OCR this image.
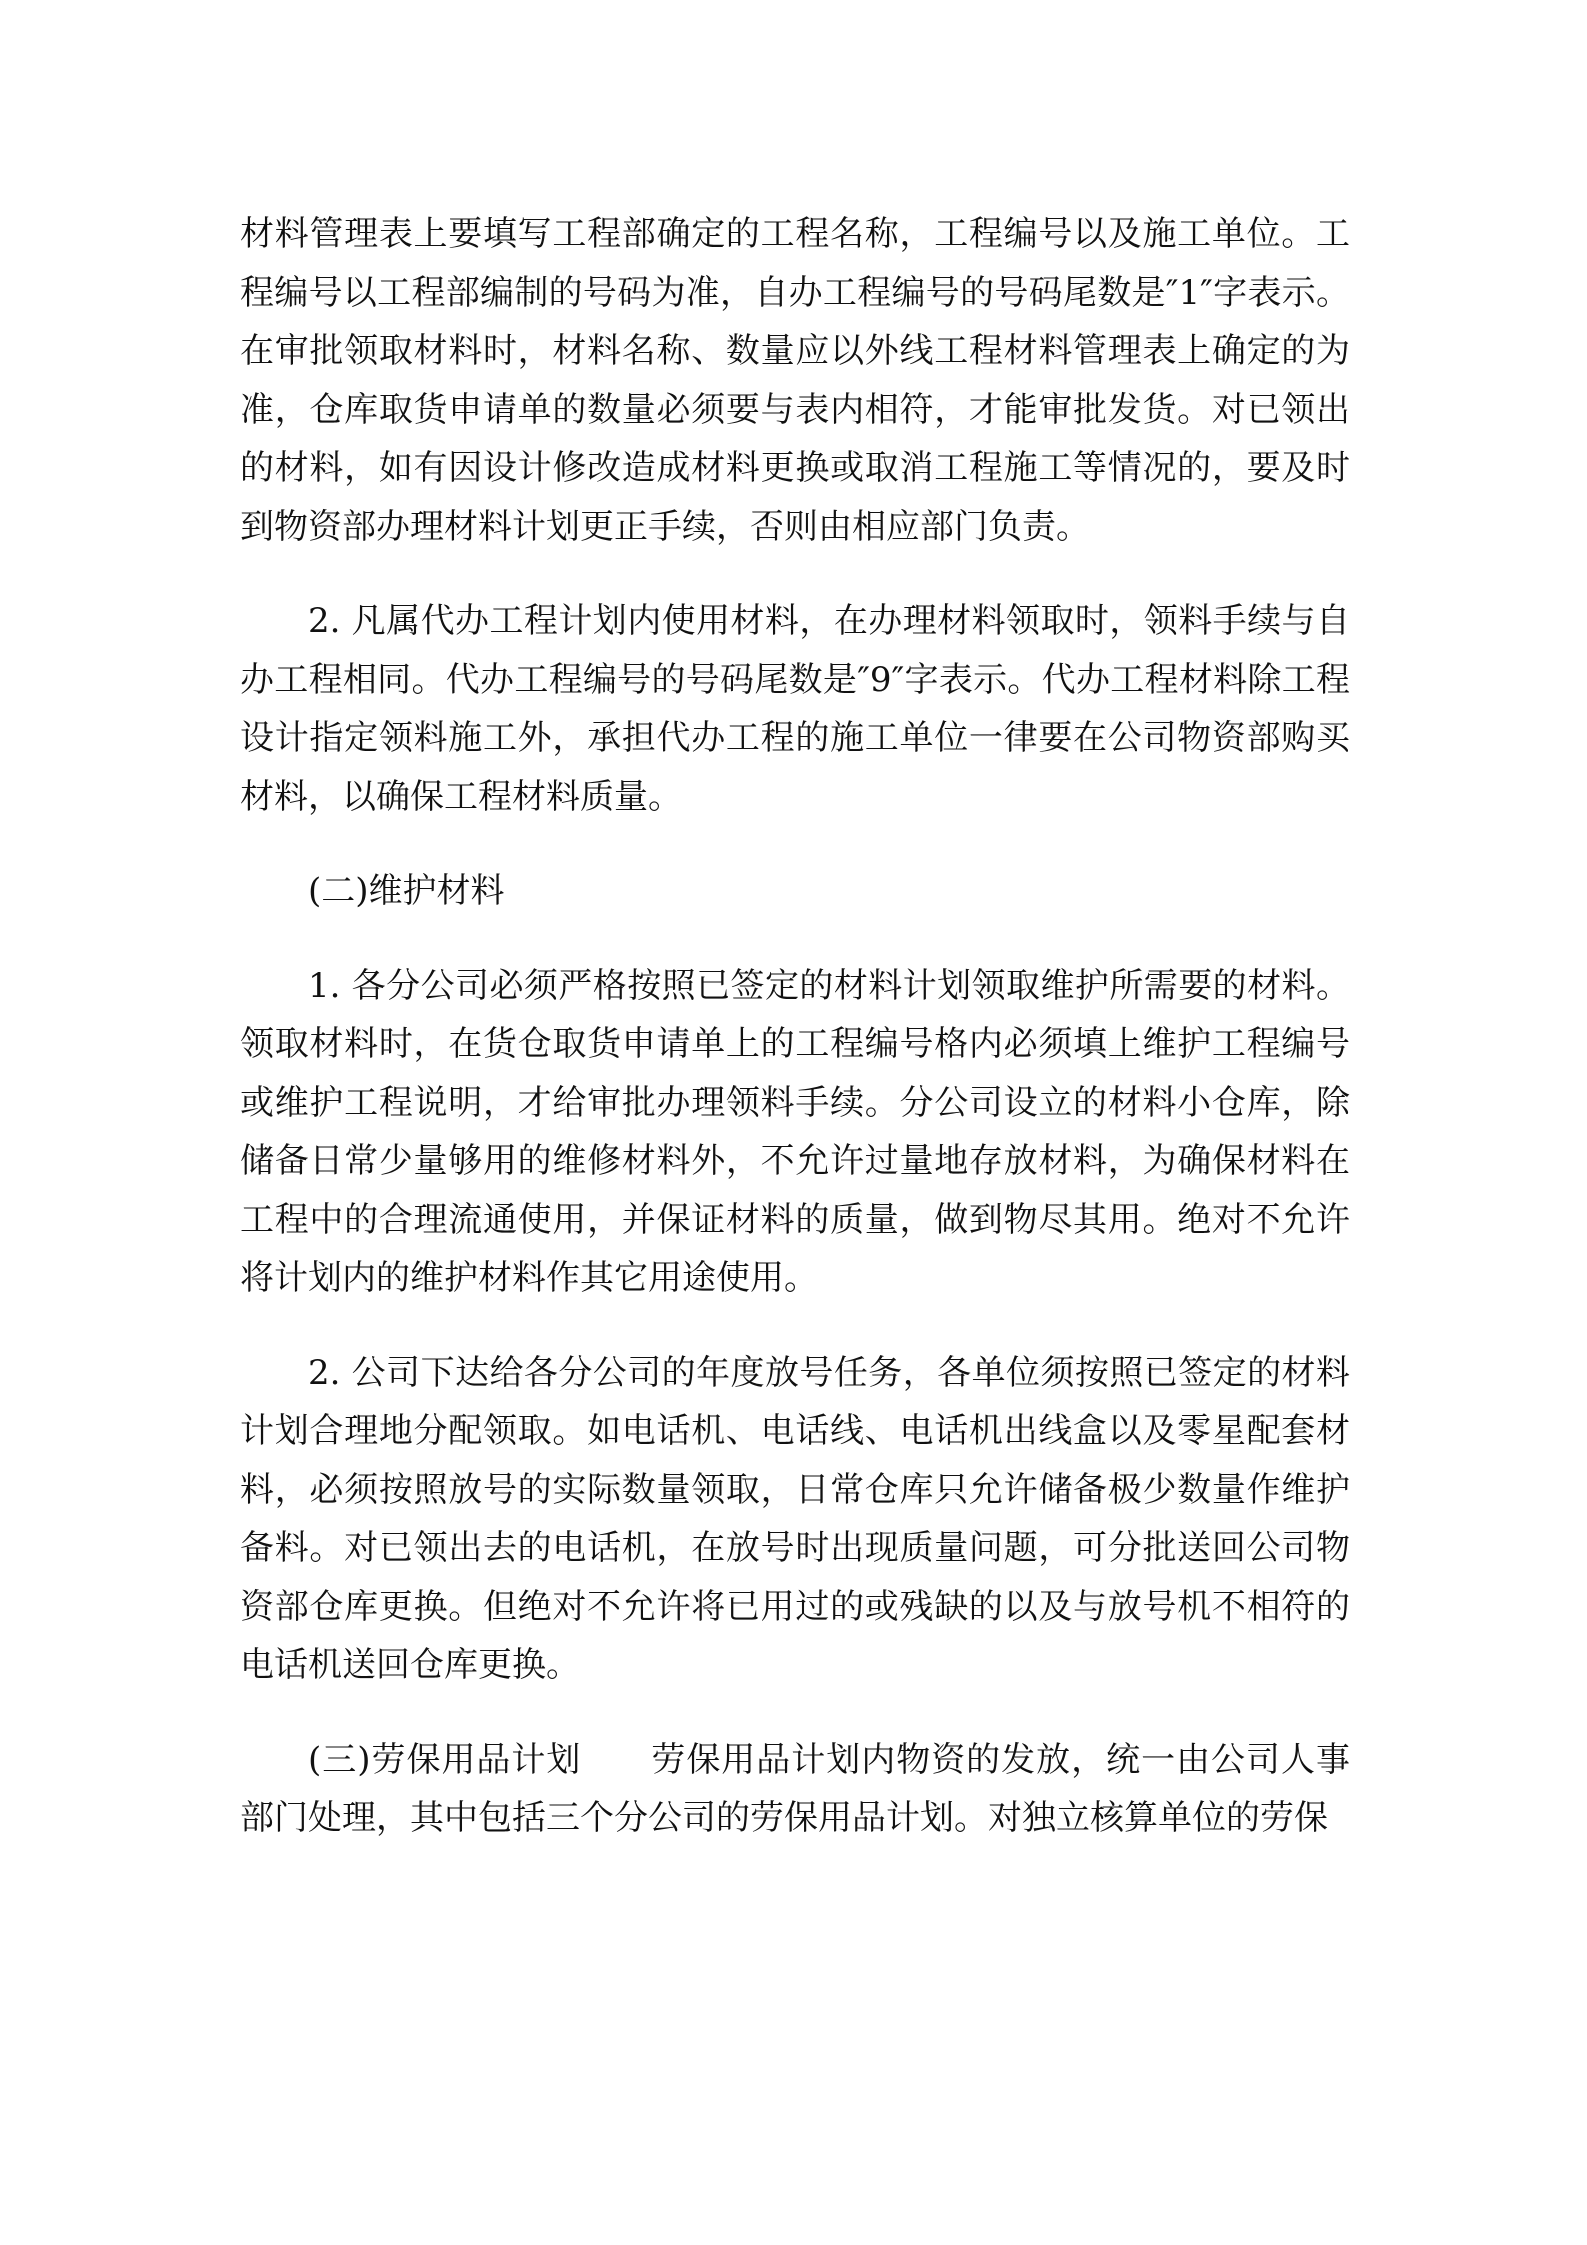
材料管理表上要填写工程部确定的工程名称，工程编号以及施工单位。工程编号以工程部编制的号码为准，自办工程编号的号码尾数是″1″字表示。在审批领取材料时，材料名称、数量应以外线工程材料管理表上确定的为准，仓库取货申请单的数量必须要与表内相符，才能审批发货。对已领出的材料，如有因设计修改造成材料更换或取消工程施工等情况的，要及时到物资部办理材料计划更正手续，否则由相应部门负责。

2. 凡属代办工程计划内使用材料，在办理材料领取时，领料手续与自办工程相同。代办工程编号的号码尾数是″9″字表示。代办工程材料除工程设计指定领料施工外，承担代办工程的施工单位一律要在公司物资部购买材料，以确保工程材料质量。

(二)维护材料

1. 各分公司必须严格按照已签定的材料计划领取维护所需要的材料。领取材料时，在货仓取货申请单上的工程编号格内必须填上维护工程编号或维护工程说明，才给审批办理领料手续。分公司设立的材料小仓库，除储备日常少量够用的维修材料外，不允许过量地存放材料，为确保材料在工程中的合理流通使用，并保证材料的质量，做到物尽其用。绝对不允许将计划内的维护材料作其它用途使用。

2. 公司下达给各分公司的年度放号任务，各单位须按照已签定的材料计划合理地分配领取。如电话机、电话线、电话机出线盒以及零星配套材料，必须按照放号的实际数量领取，日常仓库只允许储备极少数量作维护备料。对已领出去的电话机，在放号时出现质量问题，可分批送回公司物资部仓库更换。但绝对不允许将已用过的或残缺的以及与放号机不相符的电话机送回仓库更换。

(三)劳保用品计划　　劳保用品计划内物资的发放，统一由公司人事部门处理，其中包括三个分公司的劳保用品计划。对独立核算单位的劳保
